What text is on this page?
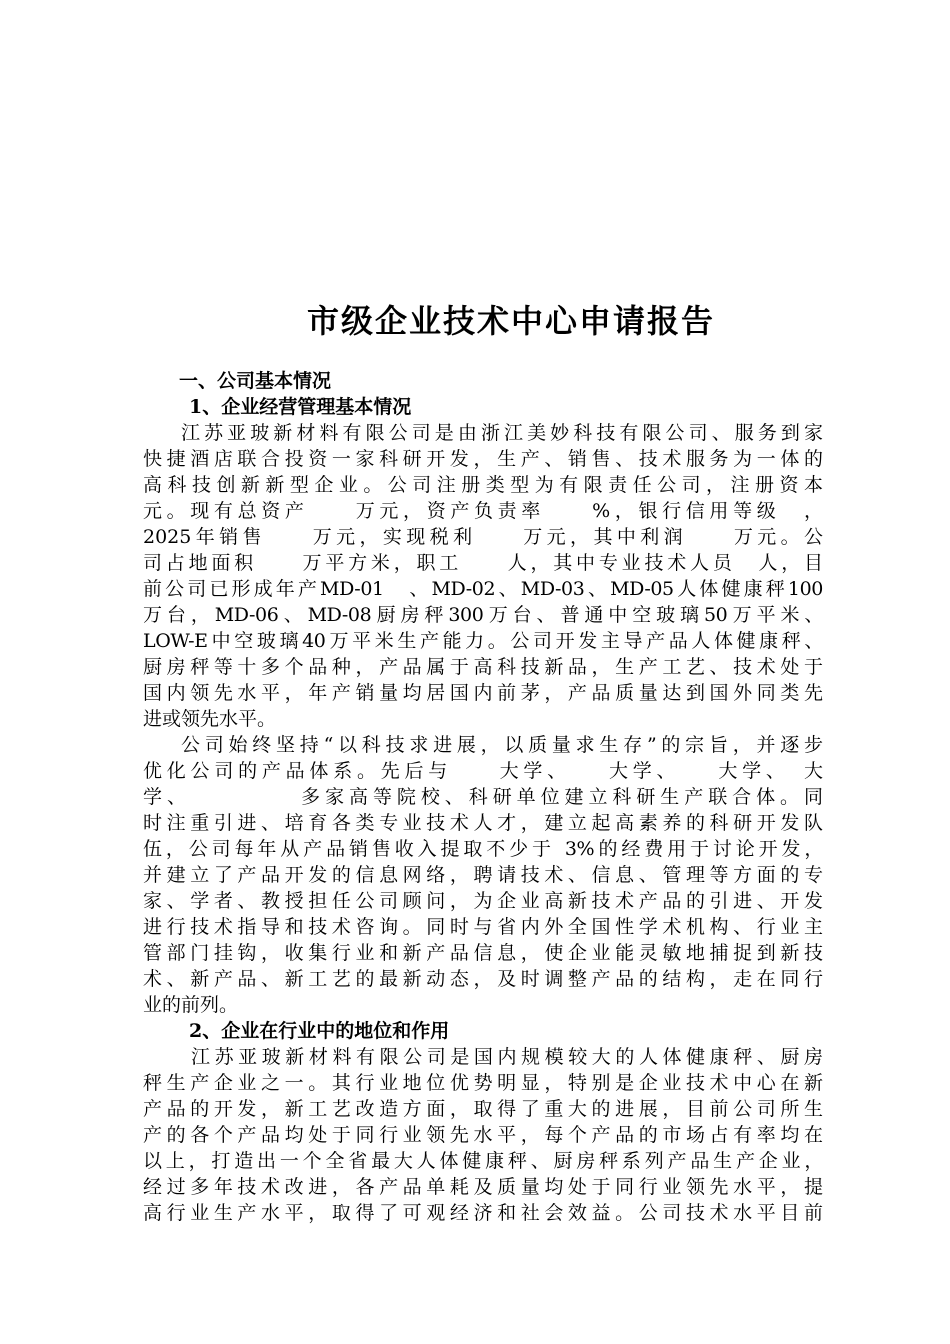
市级企业技术中心申请报告
一、公司基本情况
1、企业经营管理基本情况
江苏亚玻新材料有限公司是由浙江美妙科技有限公司、服务到家
快捷酒店联合投资一家科研开发，生产、销售、技术服务为一体的
高科技创新新型企业。公司注册类型为有限责任公司，注册资本
元。现有总资产　　万元，资产负责率　　%，银行信用等级　，
2025年销售　　万元，实现税利　　万元，其中利润　　万元。公
司占地面积　　万平方米，职工　　人，其中专业技术人员　人，目
前公司已形成年产MD-01　、MD-02、MD-03、MD-05人体健康秤100
万台，MD-06、MD-08厨房秤300万台、普通中空玻璃50万平米、
LOW-E中空玻璃40万平米生产能力。公司开发主导产品人体健康秤、
厨房秤等十多个品种，产品属于高科技新品，生产工艺、技术处于
国内领先水平，年产销量均居国内前茅，产品质量达到国外同类先
进或领先水平。
公司始终坚持“以科技求进展，以质量求生存”的宗旨，并逐步
优化公司的产品体系。先后与　　大学、　　大学、　　大学、　大
学、　　　　　多家高等院校、科研单位建立科研生产联合体。同
时注重引进、培育各类专业技术人才，建立起高素养的科研开发队
伍，公司每年从产品销售收入提取不少于 3%的经费用于讨论开发，
并建立了产品开发的信息网络，聘请技术、信息、管理等方面的专
家、学者、教授担任公司顾问，为企业高新技术产品的引进、开发
进行技术指导和技术咨询。同时与省内外全国性学术机构、行业主
管部门挂钩，收集行业和新产品信息，使企业能灵敏地捕捉到新技
术、新产品、新工艺的最新动态，及时调整产品的结构，走在同行
业的前列。
2、企业在行业中的地位和作用
江苏亚玻新材料有限公司是国内规模较大的人体健康秤、厨房
秤生产企业之一。其行业地位优势明显，特别是企业技术中心在新
产品的开发，新工艺改造方面，取得了重大的进展，目前公司所生
产的各个产品均处于同行业领先水平，每个产品的市场占有率均在
以上，打造出一个全省最大人体健康秤、厨房秤系列产品生产企业，
经过多年技术改进，各产品单耗及质量均处于同行业领先水平，提
高行业生产水平，取得了可观经济和社会效益。公司技术水平目前
